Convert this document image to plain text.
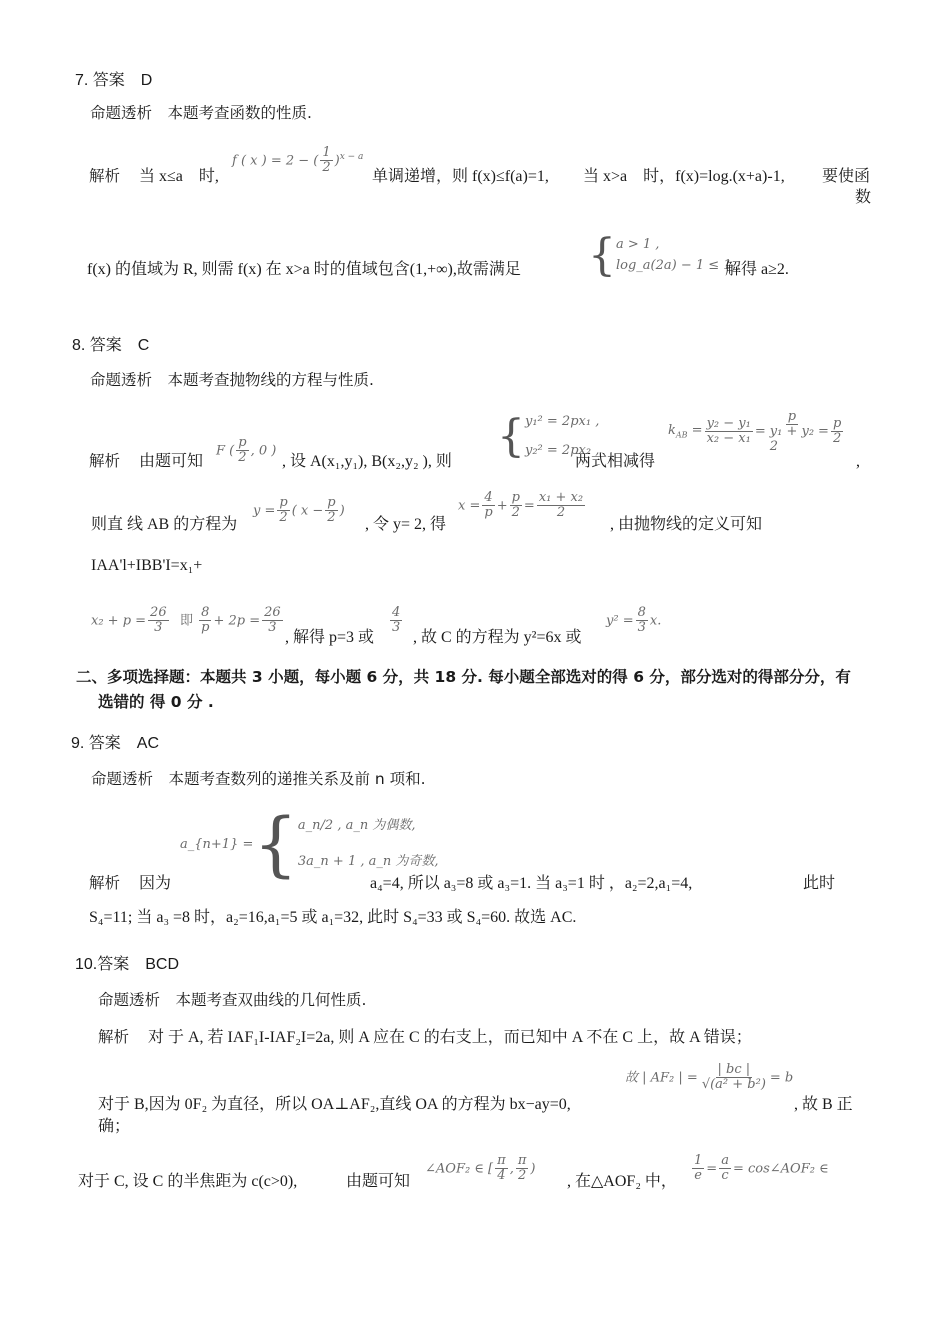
7. 答案　D
命题透析　本题考查函数的性质.
解析 当 x≤a　时,
f ( x ) = 2 − ( $\frac{1}{2} )^{x - a}$
单调递增，则 f(x)≤f(a)=1, 当 x>a　时，f(x)=log.(x+a)-1, 要使函
数
f(x) 的值域为 R, 则需 f(x) 在 x>a 时的值域包含(1,+∞),故需满足 { a > 1 ,
log_a(2a) − 1 ≤ 1 ,
解得 a≥2.
8. 答案　C
命题透析　本题考查抛物线的方程与性质.
解析 由题可知
F ( $\frac{p}{2}$ , 0 )
, 设 A(x₁,y₁), B(x₂,y₂ ), 则 { y₁² = 2px₁ ,
y₂² = 2px₂ ,
两式相减得
$k_{AB} = \frac{\text{y₂ − y₁}}{\text{x₂ − x₁}}$ =
p
y₁ + y₂
2
= $\frac{p}{2}$
,
则直 线 AB 的方程为
$y = \frac{p}{2}$ ( $x - \frac{p}{2}$ )
, 令 y= 2, 得
$x = \frac{4}{p} + \frac{p}{2} = \frac{\text{x₁ + x₂}}{2}$
, 由抛物线的定义可知
IAA'l+IBB'I=x₁+
$x_2 + p = \frac{26}{3}$ 即 $\frac{8}{p} + 2p = \frac{26}{3}$
, 解得 p=3 或
$\frac{4}{3}$
, 故 C 的方程为 y²=6x 或
$y^2 = \frac{8}{3} x$.
二、多项选择题：本题共 3 小题，每小题 6 分，共 18 分. 每小题全部选对的得 6 分，部分选对的得部分分，有
选错的 得 0 分 .
9. 答案　AC
命题透析　本题考查数列的递推关系及前 n 项和.
a_{n+1} = { a_n/2 , a_n 为偶数,
3a_n + 1 , a_n 为奇数,
解析 因为	a₄=4, 所以 a₃=8 或 a₃=1. 当 a₃=1 时 ，a₂=2,a₁=4,	此时
S₄=11; 当 a₃ =8 时，a₂=16,a₁=5 或 a₁=32, 此时 S₄=33 或 S₄=60. 故选 AC.
10.答案　BCD
命题透析　本题考查双曲线的几何性质.
解析 对 于 A, 若 IAF₁I-IAF₂I=2a, 则 A 应在 C 的右支上，而已知中 A 不在 C 上，故 A 错误；
故 | AF₂ | = $\frac{| bc |}{\text{√(a² + b²)}} = b$
对于 B,因为 0F₂ 为直径，所以 OA⊥AF₂,直线 OA 的方程为 bx−ay=0,	, 故 B 正
确；
对于 C, 设 C 的半焦距为 c(c>0),	由题可知
∠AOF₂ ∈ [ $\frac{\pi}{4}$ , $\frac{\pi}{2}$ )
, 在△AOF₂ 中， $\frac{1}{e} = \frac{a}{c}$ = cos∠AOF₂ ∈
